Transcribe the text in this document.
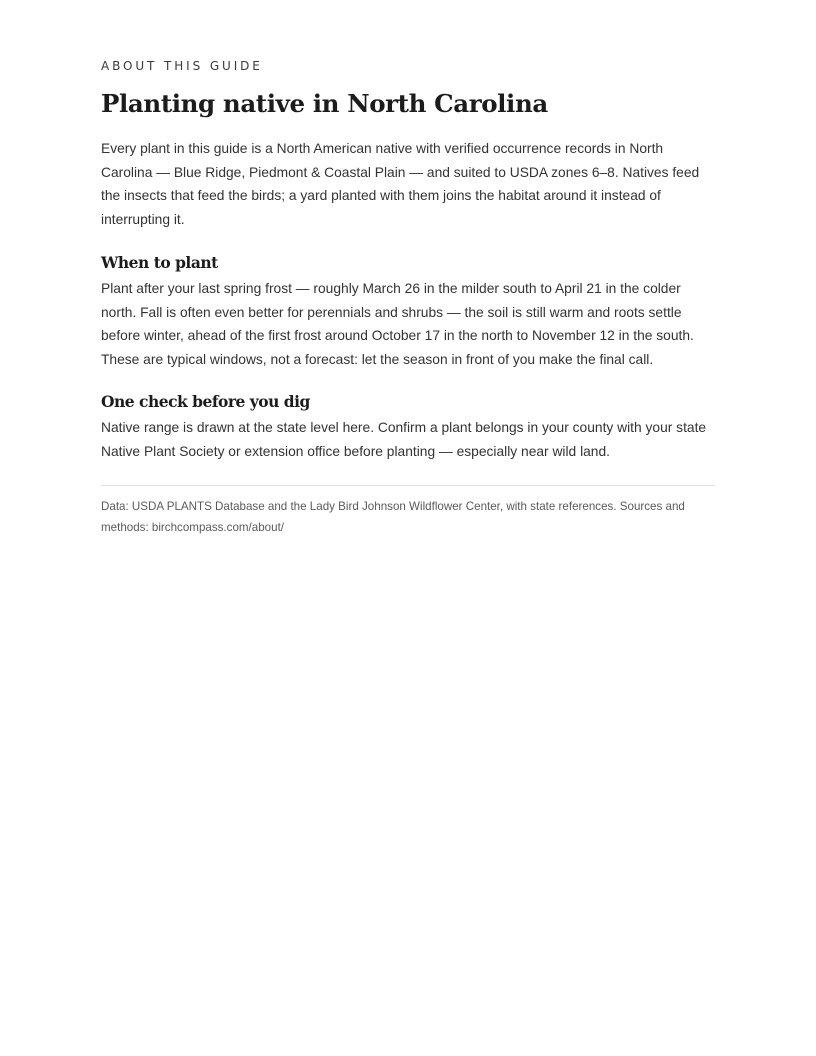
ABOUT THIS GUIDE
Planting native in North Carolina

Every plant in this guide is a North American native with verified occurrence records in North Carolina — Blue Ridge, Piedmont & Coastal Plain — and suited to USDA zones 6–8. Natives feed the insects that feed the birds; a yard planted with them joins the habitat around it instead of interrupting it.

When to plant

Plant after your last spring frost — roughly March 26 in the milder south to April 21 in the colder north. Fall is often even better for perennials and shrubs — the soil is still warm and roots settle before winter, ahead of the first frost around October 17 in the north to November 12 in the south. These are typical windows, not a forecast: let the season in front of you make the final call.

One check before you dig

Native range is drawn at the state level here. Confirm a plant belongs in your county with your state Native Plant Society or extension office before planting — especially near wild land.

Data: USDA PLANTS Database and the Lady Bird Johnson Wildflower Center, with state references. Sources and methods: birchcompass.com/about/
